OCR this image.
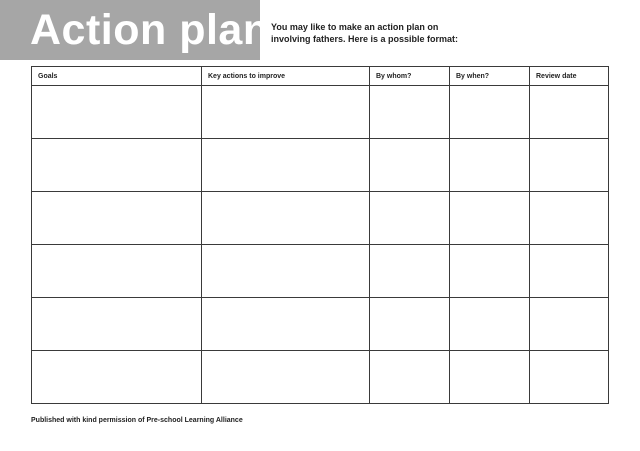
Action plan You may like to make an action plan on
involving fathers. Here is a possible format:
Goals	Key actions to improve	By whom?	By when?	Review date

Published with kind permission of Pre-school Learning Alliance
